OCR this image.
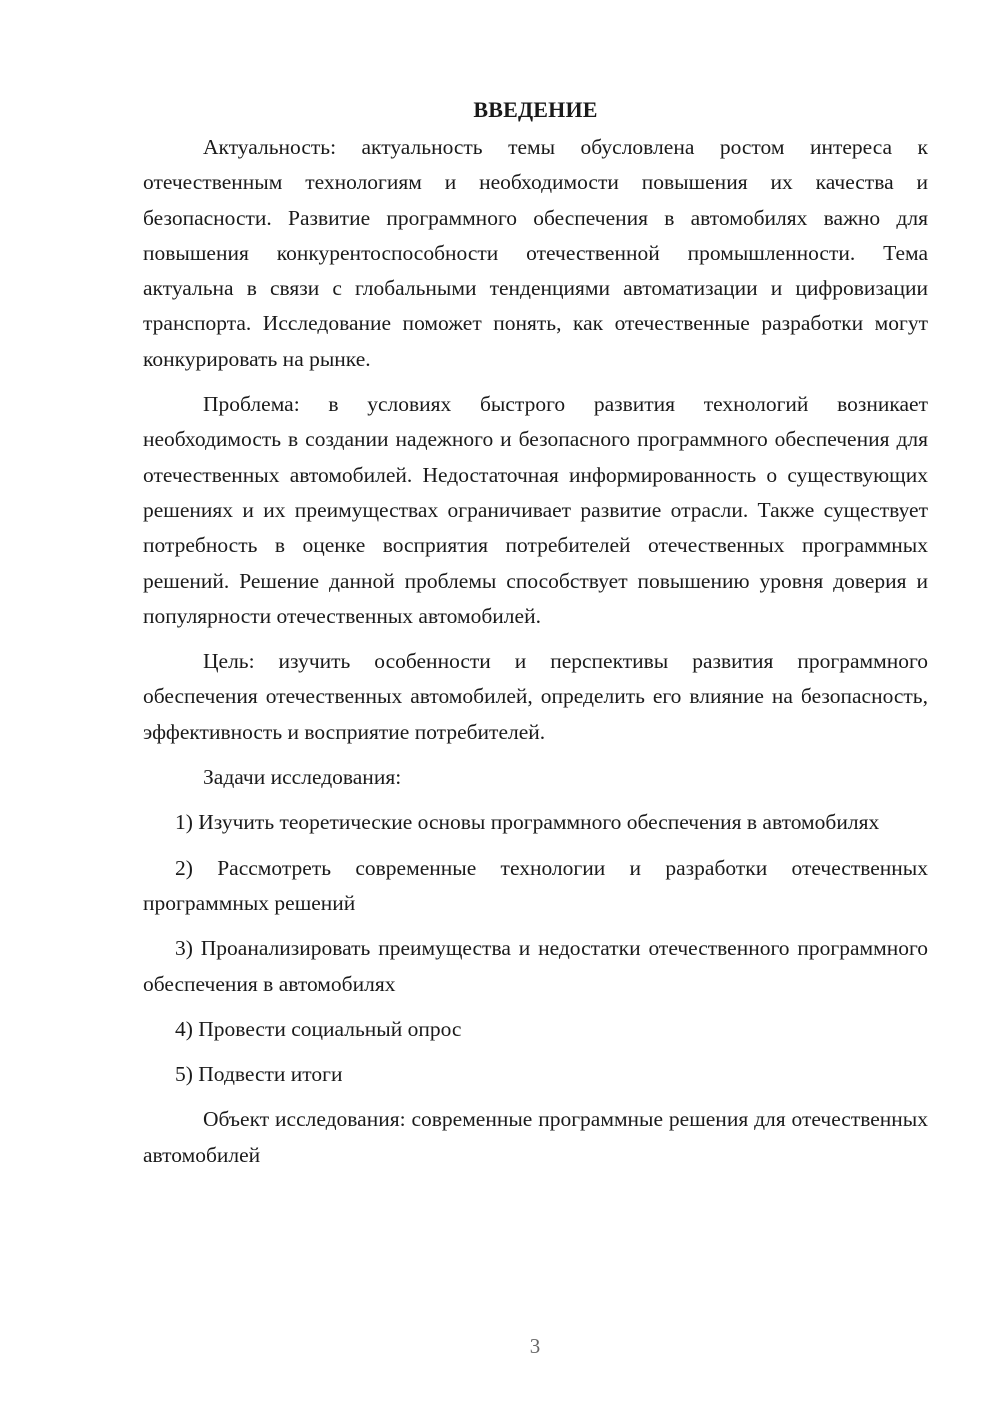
ВВЕДЕНИЕ

Актуальность: актуальность темы обусловлена ростом интереса к отечественным технологиям и необходимости повышения их качества и безопасности. Развитие программного обеспечения в автомобилях важно для повышения конкурентоспособности отечественной промышленности. Тема актуальна в связи с глобальными тенденциями автоматизации и цифровизации транспорта. Исследование поможет понять, как отечественные разработки могут конкурировать на рынке.

Проблема: в условиях быстрого развития технологий возникает необходимость в создании надежного и безопасного программного обеспечения для отечественных автомобилей. Недостаточная информированность о существующих решениях и их преимуществах ограничивает развитие отрасли. Также существует потребность в оценке восприятия потребителей отечественных программных решений. Решение данной проблемы способствует повышению уровня доверия и популярности отечественных автомобилей.

Цель: изучить особенности и перспективы развития программного обеспечения отечественных автомобилей, определить его влияние на безопасность, эффективность и восприятие потребителей.

Задачи исследования:

1) Изучить теоретические основы программного обеспечения в автомобилях

2) Рассмотреть современные технологии и разработки отечественных программных решений

3) Проанализировать преимущества и недостатки отечественного программного обеспечения в автомобилях

4) Провести социальный опрос

5) Подвести итоги

Объект исследования: современные программные решения для отечественных автомобилей

3
